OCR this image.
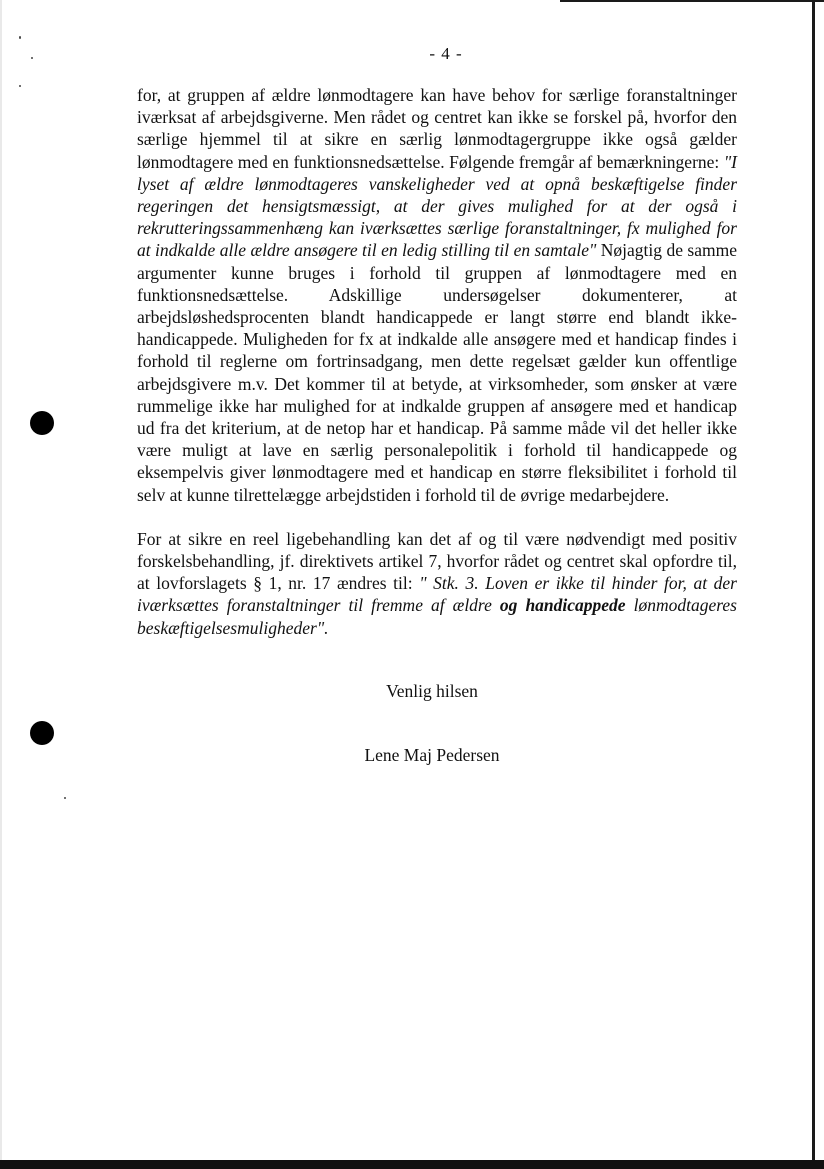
- 4 -

for, at gruppen af ældre lønmodtagere kan have behov for særlige foranstaltninger iværksat af arbejdsgiverne. Men rådet og centret kan ikke se forskel på, hvorfor den særlige hjemmel til at sikre en særlig lønmodtagergruppe ikke også gælder lønmodtagere med en funktionsnedsættelse. Følgende fremgår af bemærkningerne: "I lyset af ældre lønmodtageres vanskeligheder ved at opnå beskæftigelse finder regeringen det hensigtsmæssigt, at der gives mulighed for at der også i rekrutteringssammenhæng kan iværksættes særlige foranstaltninger, fx mulighed for at indkalde alle ældre ansøgere til en ledig stilling til en samtale" Nøjagtig de samme argumenter kunne bruges i forhold til gruppen af lønmodtagere med en funktionsnedsættelse. Adskillige undersøgelser dokumenterer, at arbejdsløshedsprocenten blandt handicappede er langt større end blandt ikke-handicappede. Muligheden for fx at indkalde alle ansøgere med et handicap findes i forhold til reglerne om fortrinsadgang, men dette regelsæt gælder kun offentlige arbejdsgivere m.v. Det kommer til at betyde, at virksomheder, som ønsker at være rummelige ikke har mulighed for at indkalde gruppen af ansøgere med et handicap ud fra det kriterium, at de netop har et handicap. På samme måde vil det heller ikke være muligt at lave en særlig personalepolitik i forhold til handicappede og eksempelvis giver lønmodtagere med et handicap en større fleksibilitet i forhold til selv at kunne tilrettelægge arbejdstiden i forhold til de øvrige medarbejdere.

For at sikre en reel ligebehandling kan det af og til være nødvendigt med positiv forskelsbehandling, jf. direktivets artikel 7, hvorfor rådet og centret skal opfordre til, at lovforslagets § 1, nr. 17 ændres til: " Stk. 3. Loven er ikke til hinder for, at der iværksættes foranstaltninger til fremme af ældre og handicappede lønmodtageres beskæftigelsesmuligheder".

Venlig hilsen
Lene Maj Pedersen
